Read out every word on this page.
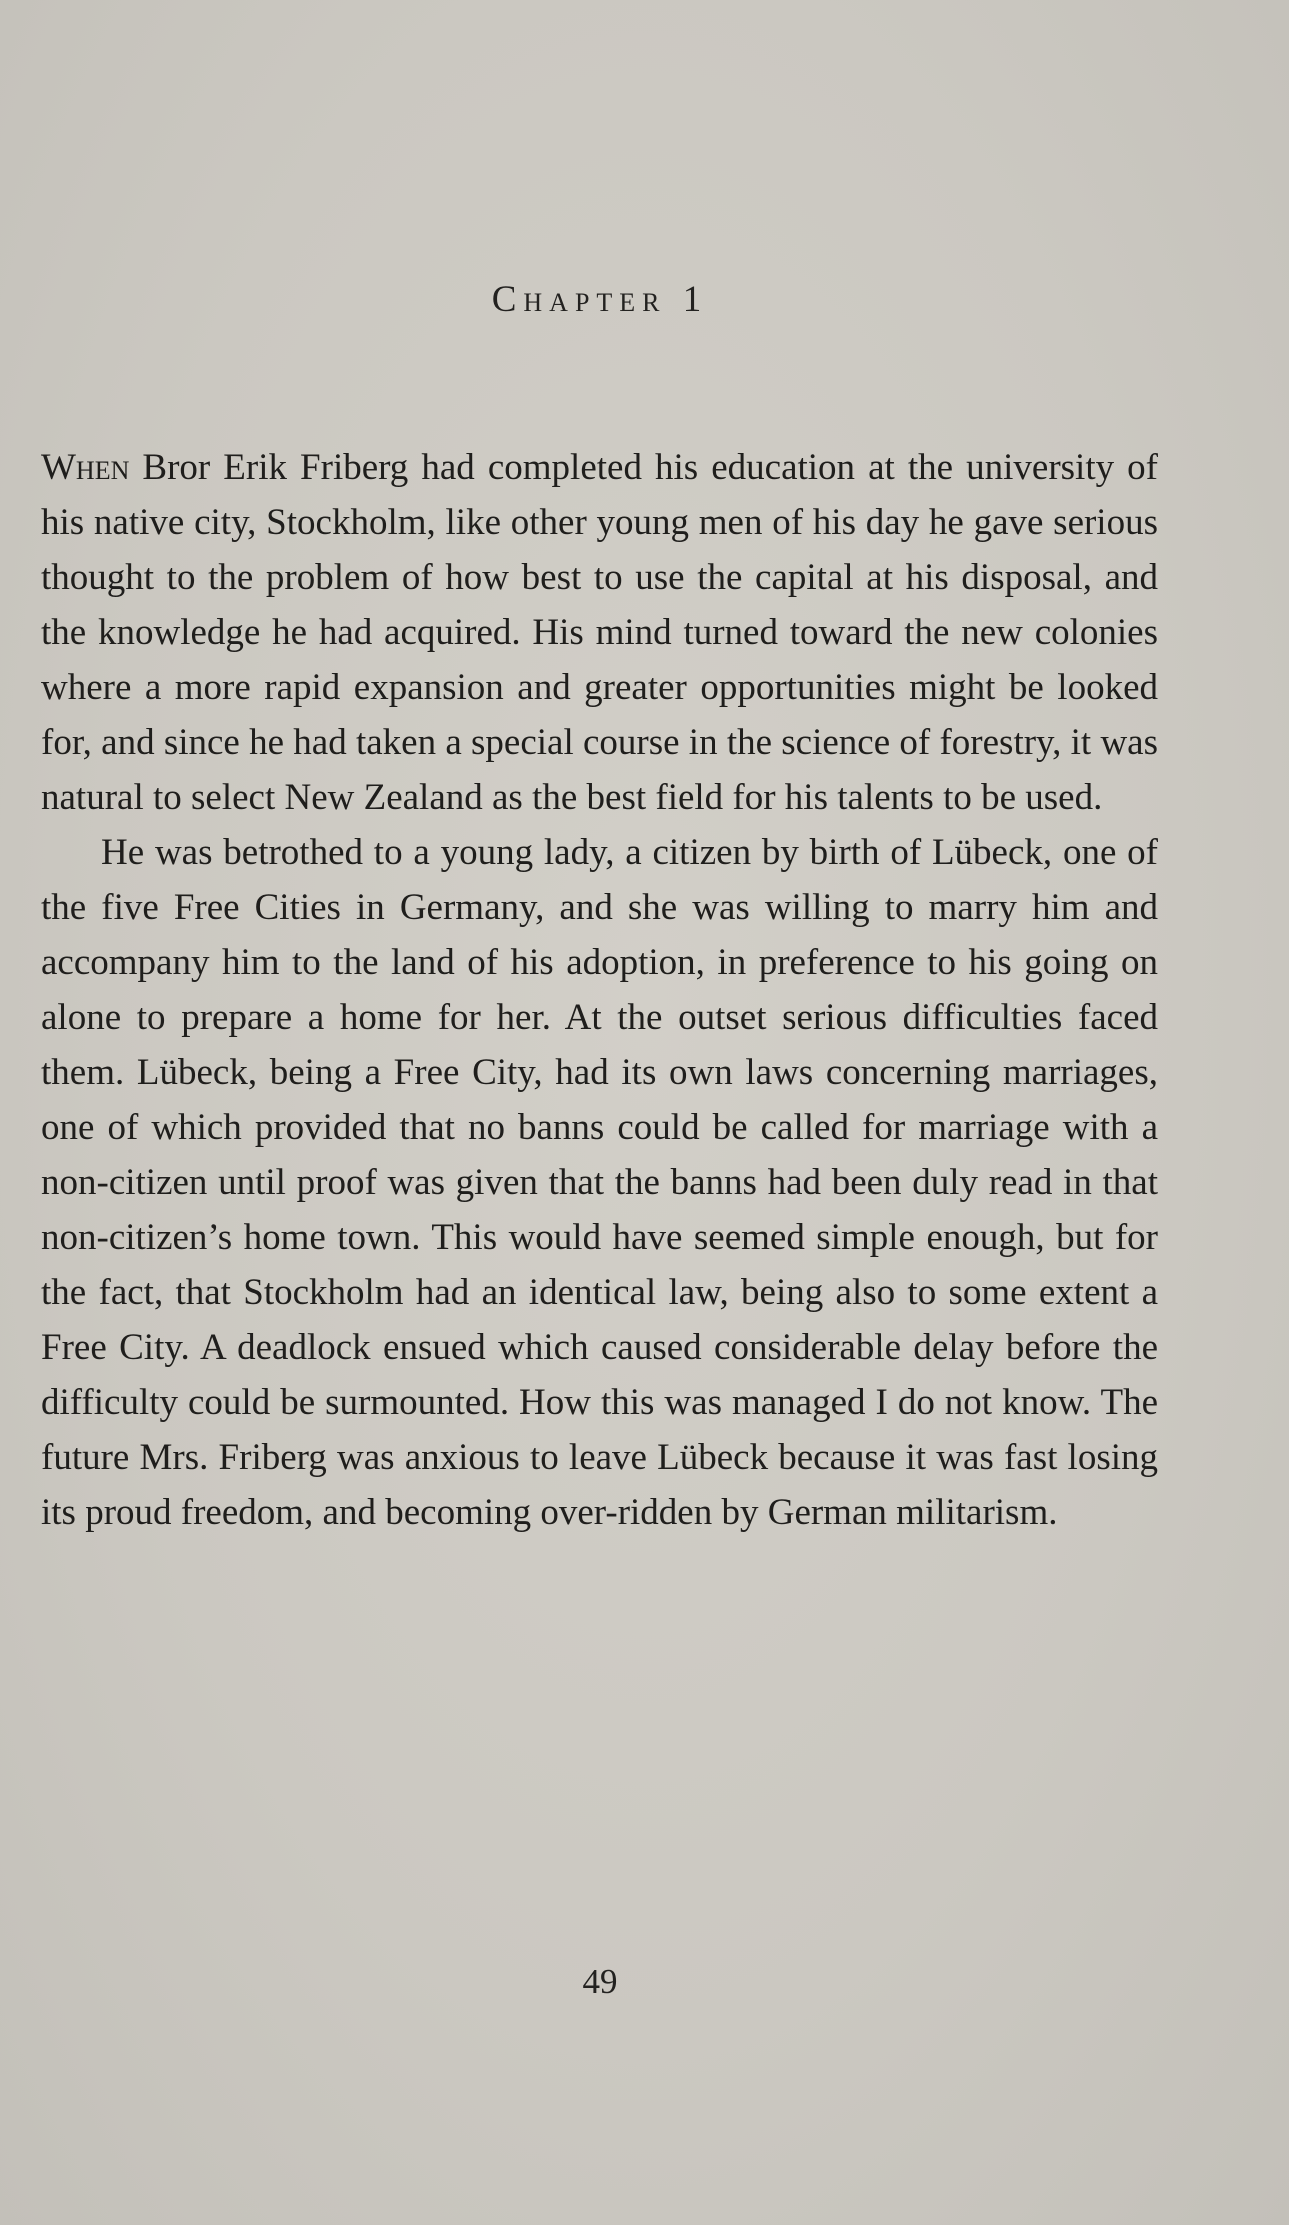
Chapter 1

When Bror Erik Friberg had completed his education at the university of his native city, Stockholm, like other young men of his day he gave serious thought to the problem of how best to use the capital at his disposal, and the knowledge he had acquired. His mind turned toward the new colonies where a more rapid expansion and greater opportunities might be looked for, and since he had taken a special course in the science of forestry, it was natural to select New Zealand as the best field for his talents to be used.

He was betrothed to a young lady, a citizen by birth of Lübeck, one of the five Free Cities in Germany, and she was willing to marry him and accompany him to the land of his adoption, in preference to his going on alone to prepare a home for her. At the outset serious difficulties faced them. Lübeck, being a Free City, had its own laws concerning marriages, one of which provided that no banns could be called for marriage with a non-citizen until proof was given that the banns had been duly read in that non-citizen’s home town. This would have seemed simple enough, but for the fact, that Stockholm had an identical law, being also to some extent a Free City. A deadlock ensued which caused considerable delay before the difficulty could be surmounted. How this was managed I do not know. The future Mrs. Friberg was anxious to leave Lübeck because it was fast losing its proud freedom, and becoming over-ridden by German militarism.

49
